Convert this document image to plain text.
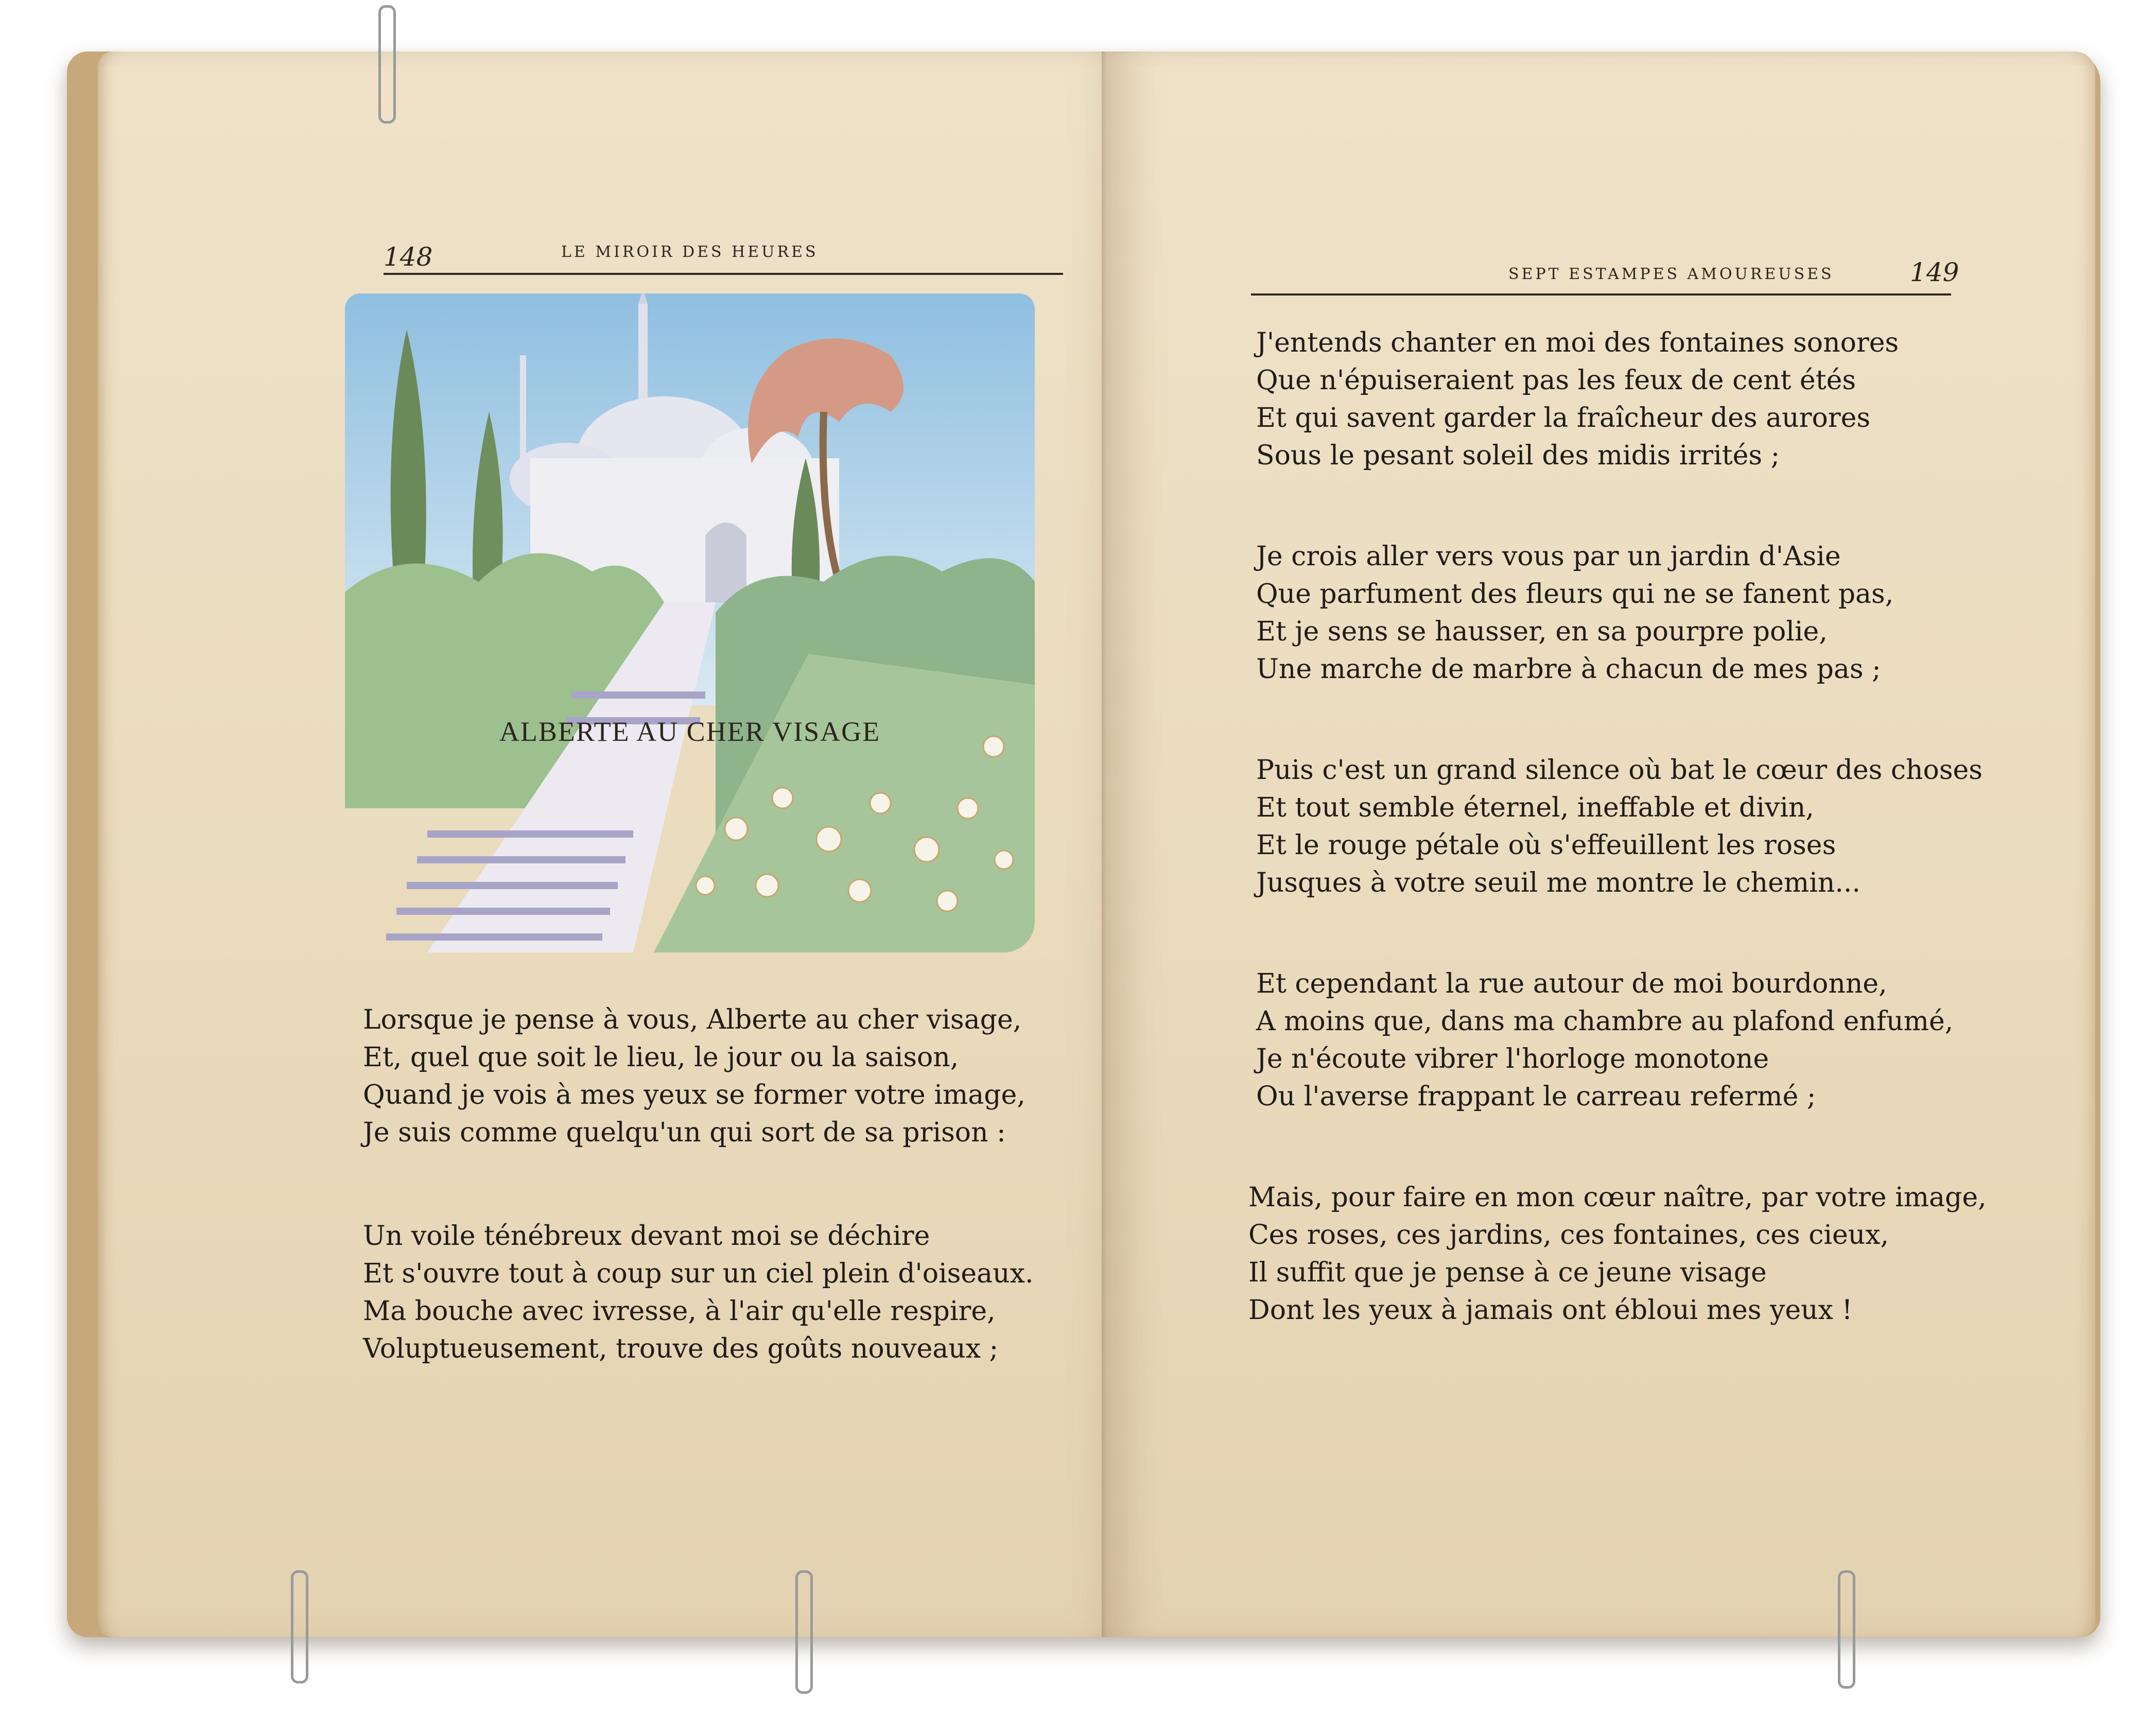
148	LE MIROIR DES HEURES
ALBERTE AU CHER VISAGE
Lorsque je pense à vous, Alberte au cher visage,
Et, quel que soit le lieu, le jour ou la saison,
Quand je vois à mes yeux se former votre image,
Je suis comme quelqu'un qui sort de sa prison :
Un voile ténébreux devant moi se déchire
Et s'ouvre tout à coup sur un ciel plein d'oiseaux.
Ma bouche avec ivresse, à l'air qu'elle respire,
Voluptueusement, trouve des goûts nouveaux ;
SEPT ESTAMPES AMOUREUSES	149
J'entends chanter en moi des fontaines sonores
Que n'épuiseraient pas les feux de cent étés
Et qui savent garder la fraîcheur des aurores
Sous le pesant soleil des midis irrités ;
Je crois aller vers vous par un jardin d'Asie
Que parfument des fleurs qui ne se fanent pas,
Et je sens se hausser, en sa pourpre polie,
Une marche de marbre à chacun de mes pas ;
Puis c'est un grand silence où bat le cœur des choses
Et tout semble éternel, ineffable et divin,
Et le rouge pétale où s'effeuillent les roses
Jusques à votre seuil me montre le chemin...
Et cependant la rue autour de moi bourdonne,
A moins que, dans ma chambre au plafond enfumé,
Je n'écoute vibrer l'horloge monotone
Ou l'averse frappant le carreau refermé ;
Mais, pour faire en mon cœur naître, par votre image,
Ces roses, ces jardins, ces fontaines, ces cieux,
Il suffit que je pense à ce jeune visage
Dont les yeux à jamais ont ébloui mes yeux !
